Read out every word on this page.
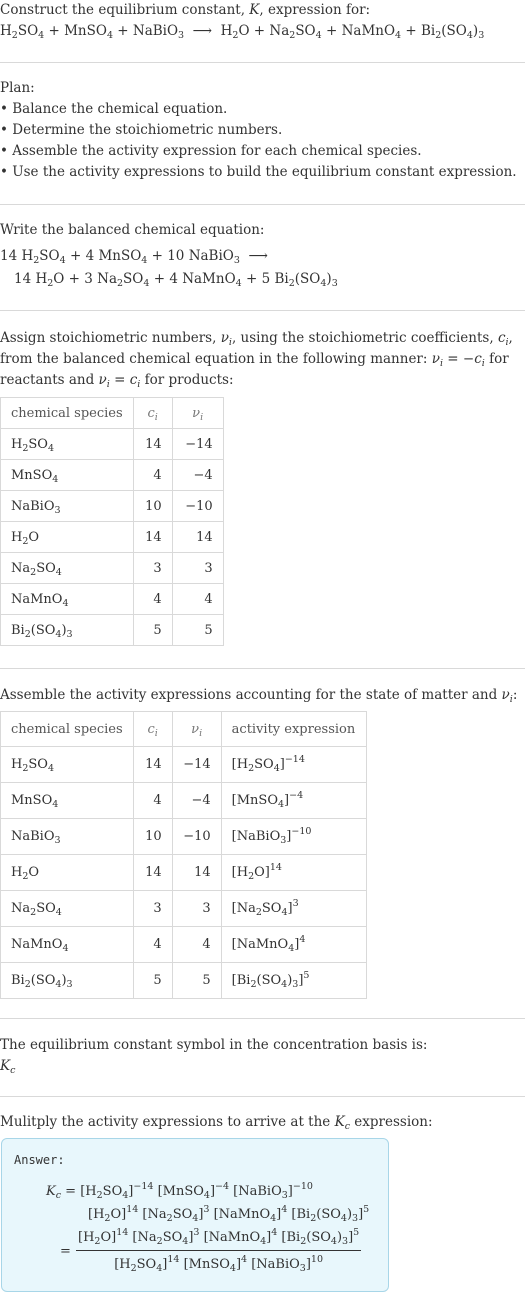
Construct the equilibrium constant, K, expression for:
$H_2SO_4$ + MnSO$_4$ + NaBiO$_3$  ⟶  $H_2O + Na_2SO_4$ + NaMnO$_4$ + $Bi_2(SO_4)_3$
Plan:
• Balance the chemical equation.
• Determine the stoichiometric numbers.
• Assemble the activity expression for each chemical species.
• Use the activity expressions to build the equilibrium constant expression.
Write the balanced chemical equation:
14 $H_2SO_4 + 4$ MnSO$_4$ + 10 NaBiO$_3$  ⟶
14 $H_2O + 3$ $Na_2SO_4 + 4$ NaMnO$_4$ + 5 $Bi_2(SO_4)_3$
Assign stoichiometric numbers, $\nu_i$, using the stoichiometric coefficients, $c_i$, from the balanced chemical equation in the following manner: $\nu_i = -c_i$ for reactants and $\nu_i = c_i$ for products:
chemical species	$c_i$	$\nu_i$
$H_2SO_4$	14	−14
MnSO$_4$	4	−4
NaBiO$_3$	10	−10
$H_2O$	14	14
$Na_2SO_4$	3	3
NaMnO$_4$	4	4
$Bi_2(SO_4)_3$	5	5
Assemble the activity expressions accounting for the state of matter and $\nu_i$:
chemical species	$c_i$	$\nu_i$	activity expression
$H_2SO_4$	14	−14	$[H_2SO_4]^{-14}$
MnSO$_4$	4	−4	[MnSO$_4$]$^{-4}$
NaBiO$_3$	10	−10	[NaBiO$_3$]$^{-10}$
$H_2O$	14	14	$[H_2O]^{14}$
$Na_2SO_4$	3	3	$[Na_2SO_4]^3$
NaMnO$_4$	4	4	[NaMnO$_4$]$^4$
$Bi_2(SO_4)_3$	5	5	$[Bi_2(SO_4)_3]^5$
The equilibrium constant symbol in the concentration basis is:
$K_c$
Mulitply the activity expressions to arrive at the $K_c$ expression:
Answer:
$K_c = [H_2SO_4]^{-14}$ [MnSO$_4$]$^{-4}$ [NaBiO$_3$]$^{-10}$
$[H_2O]^{14}$ $[Na_2SO_4]^3$ [NaMnO$_4$]$^4$ $[Bi_2(SO_4)_3]^5$
= $\frac{[H_2O]^{14} [Na_2SO_4]^3 [NaMnO_4]^4 [Bi_2(SO_4)_3]^5}{[H_2SO_4]^{14} [MnSO_4]^4 [NaBiO_3]^{10}}$
